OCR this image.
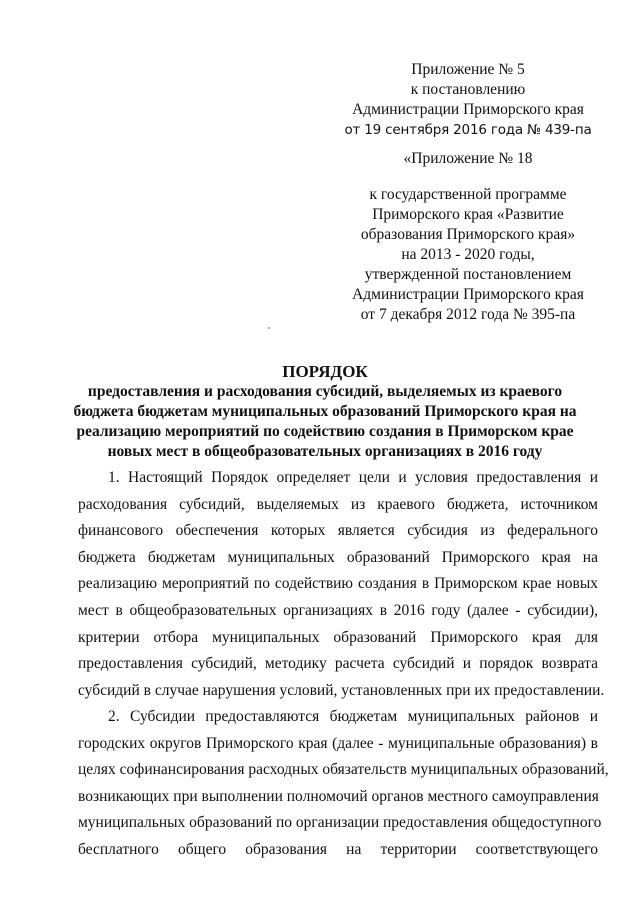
Приложение № 5
к постановлению
Администрации Приморского края
от 19 сентября 2016 года № 439-па
«Приложение № 18
к государственной программе
Приморского края «Развитие
образования Приморского края»
на 2013 - 2020 годы,
утвержденной постановлением
Администрации Приморского края
от 7 декабря 2012 года № 395-па
ПОРЯДОК
предоставления и расходования субсидий, выделяемых из краевого
бюджета бюджетам муниципальных образований Приморского края на
реализацию мероприятий по содействию создания в Приморском крае
новых мест в общеобразовательных организациях в 2016 году
1. Настоящий Порядок определяет цели и условия предоставления и
расходования субсидий, выделяемых из краевого бюджета, источником
финансового обеспечения которых является субсидия из федерального
бюджета бюджетам муниципальных образований Приморского края на
реализацию мероприятий по содействию создания в Приморском крае новых
мест в общеобразовательных организациях в 2016 году (далее - субсидии),
критерии отбора муниципальных образований Приморского края для
предоставления субсидий, методику расчета субсидий и порядок возврата
субсидий в случае нарушения условий, установленных при их предоставлении.
2. Субсидии предоставляются бюджетам муниципальных районов и
городских округов Приморского края (далее - муниципальные образования) в
целях софинансирования расходных обязательств муниципальных образований,
возникающих при выполнении полномочий органов местного самоуправления
муниципальных образований по организации предоставления общедоступного
бесплатного общего образования на территории соответствующего
